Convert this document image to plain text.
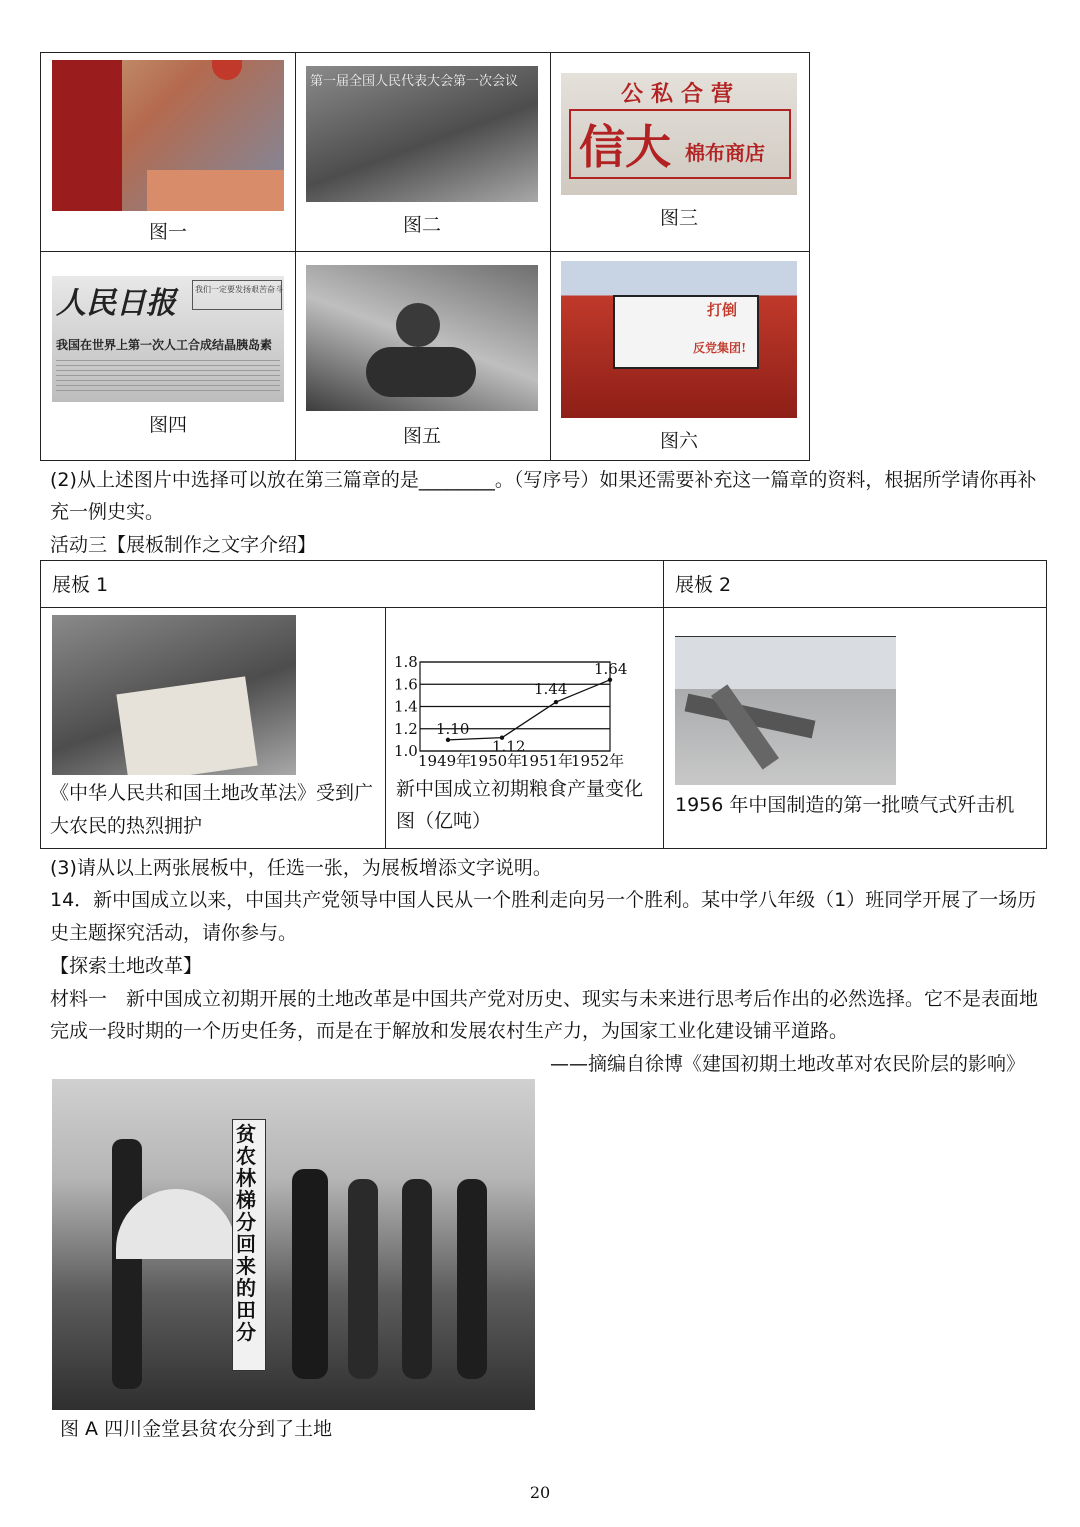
图一
第一届全国人民代表大会第一次会议
图二
公私合营
信大 棉布商店
图三
人民日报 我们一定要发扬艰苦奋斗
我国在世界上第一次人工合成结晶胰岛素
图四	图五
打倒
反党集团!
图六
(2)从上述图片中选择可以放在第三篇章的是________。（写序号）如果还需要补充这一篇章的资料，根据所学请你再补
充一例史实。
活动三【展板制作之文字介绍】
展板 1	展板 2
《中华人民共和国土地改革法》受到广
大农民的热烈拥护
1.8
1.6
1.4
1.2
1.0
1949年
1950年
1951年
1952年
1.10
1.12
1.44
1.64
新中国成立初期粮食产量变化
图（亿吨）
1956 年中国制造的第一批喷气式歼击机
(3)请从以上两张展板中，任选一张，为展板增添文字说明。
14．新中国成立以来，中国共产党领导中国人民从一个胜利走向另一个胜利。某中学八年级（1）班同学开展了一场历
史主题探究活动，请你参与。
【探索土地改革】
材料一　新中国成立初期开展的土地改革是中国共产党对历史、现实与未来进行思考后作出的必然选择。它不是表面地
完成一段时期的一个历史任务，而是在于解放和发展农村生产力，为国家工业化建设铺平道路。
——摘编自徐博《建国初期土地改革对农民阶层的影响》
贫农林梯分回来的田分
图 A 四川金堂县贫农分到了土地
20
